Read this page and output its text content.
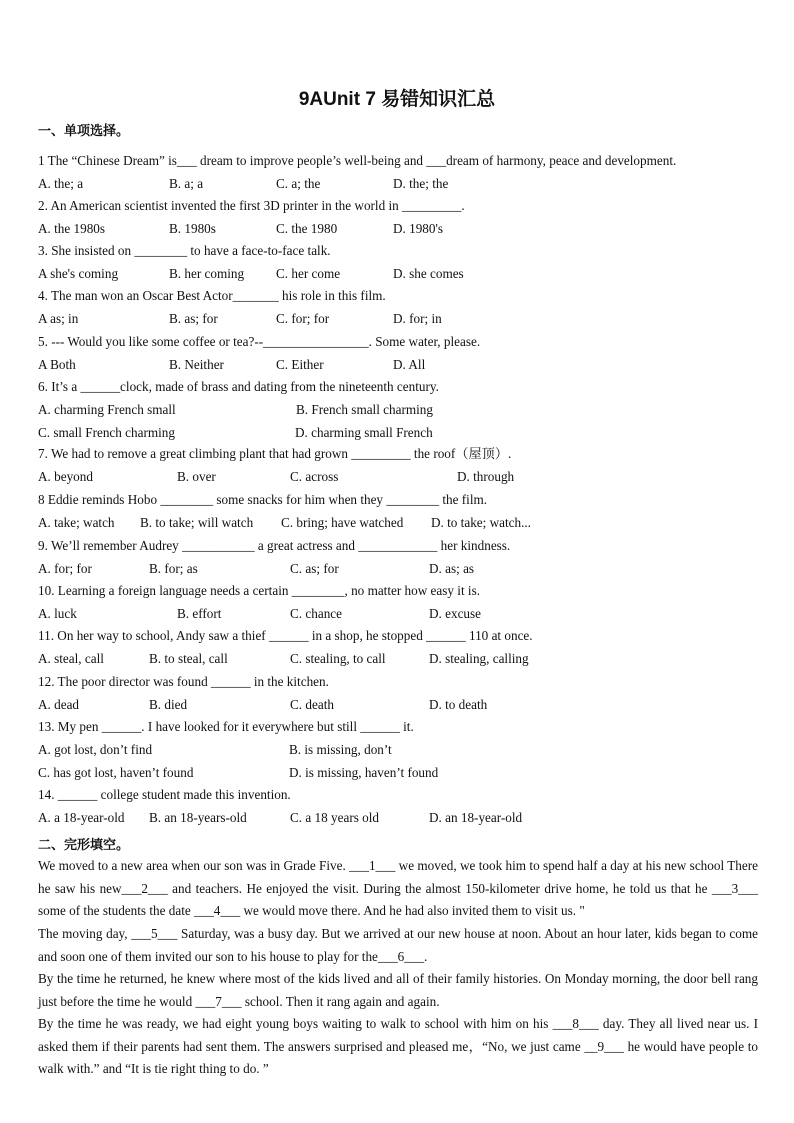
9AUnit 7 易错知识汇总
一、单项选择。
1 The “Chinese Dream” is___ dream to improve people’s well-being and ___dream of harmony, peace and development.
A. the; a	B. a; a	C. a; the	D. the; the
2. An American scientist invented the first 3D printer in the world in _________.
A. the 1980s	B. 1980s	C. the 1980	D. 1980's
3. She insisted on ________ to have a face-to-face talk.
A she's coming	B. her coming C. her come	D. she comes
4. The man won an Oscar Best Actor_______ his role in this film.
A as; in	B. as; for	C. for; for	D. for; in
5. --- Would you like some coffee or tea?--________________. Some water, please.
A Both	B. Neither	C. Either	D. All
6. It’s a ______clock, made of brass and dating from the nineteenth century.
A. charming French small	B. French small charming
C. small French charming	D. charming small French
7. We had to remove a great climbing plant that had grown _________ the roof（屋顶）.
A. beyond	B. over	C. across	D. through
8 Eddie reminds Hobo ________ some snacks for him when they ________ the film.
A. take; watch B. to take; will watch C. bring; have watched D. to take; watch...
9. We’ll remember Audrey ___________ a great actress and ____________ her kindness.
A. for; for	B. for; as	C. as; for	D. as; as
10. Learning a foreign language needs a certain ________, no matter how easy it is.
A. luck	B. effort	C. chance	D. excuse
11. On her way to school, Andy saw a thief ______ in a shop, he stopped ______ 110 at once.
A. steal, call	B. to steal, call	C. stealing, to call	D. stealing, calling
12. The poor director was found ______ in the kitchen.
A. dead	B. died	C. death	D. to death
13. My pen ______. I have looked for it everywhere but still ______ it.
A. got lost, don’t find	B. is missing, don’t
C. has got lost, haven’t found	D. is missing, haven’t found
14. ______ college student made this invention.
A. a 18-year-old B. an 18-years-old	C. a 18 years old	D. an 18-year-old
二、完形填空。
We moved to a new area when our son was in Grade Five. ___1___ we moved, we took him to spend half a day at his new school There he saw his new___2___ and teachers. He enjoyed the visit. During the almost 150-kilometer drive home, he told us that he ___3___ some of the students the date ___4___ we would move there. And he had also invited them to visit us. "
The moving day, ___5___ Saturday, was a busy day. But we arrived at our new house at noon. About an hour later, kids began to come and soon one of them invited our son to his house to play for the___6___.
By the time he returned, he knew where most of the kids lived and all of their family histories. On Monday morning, the door bell rang just before the time he would ___7___ school. Then it rang again and again.
By the time he was ready, we had eight young boys waiting to walk to school with him on his ___8___ day. They all lived near us. I asked them if their parents had sent them. The answers surprised and pleased me，“No, we just came __9___ he would have people to walk with.” and “It is tie right thing to do. ”
